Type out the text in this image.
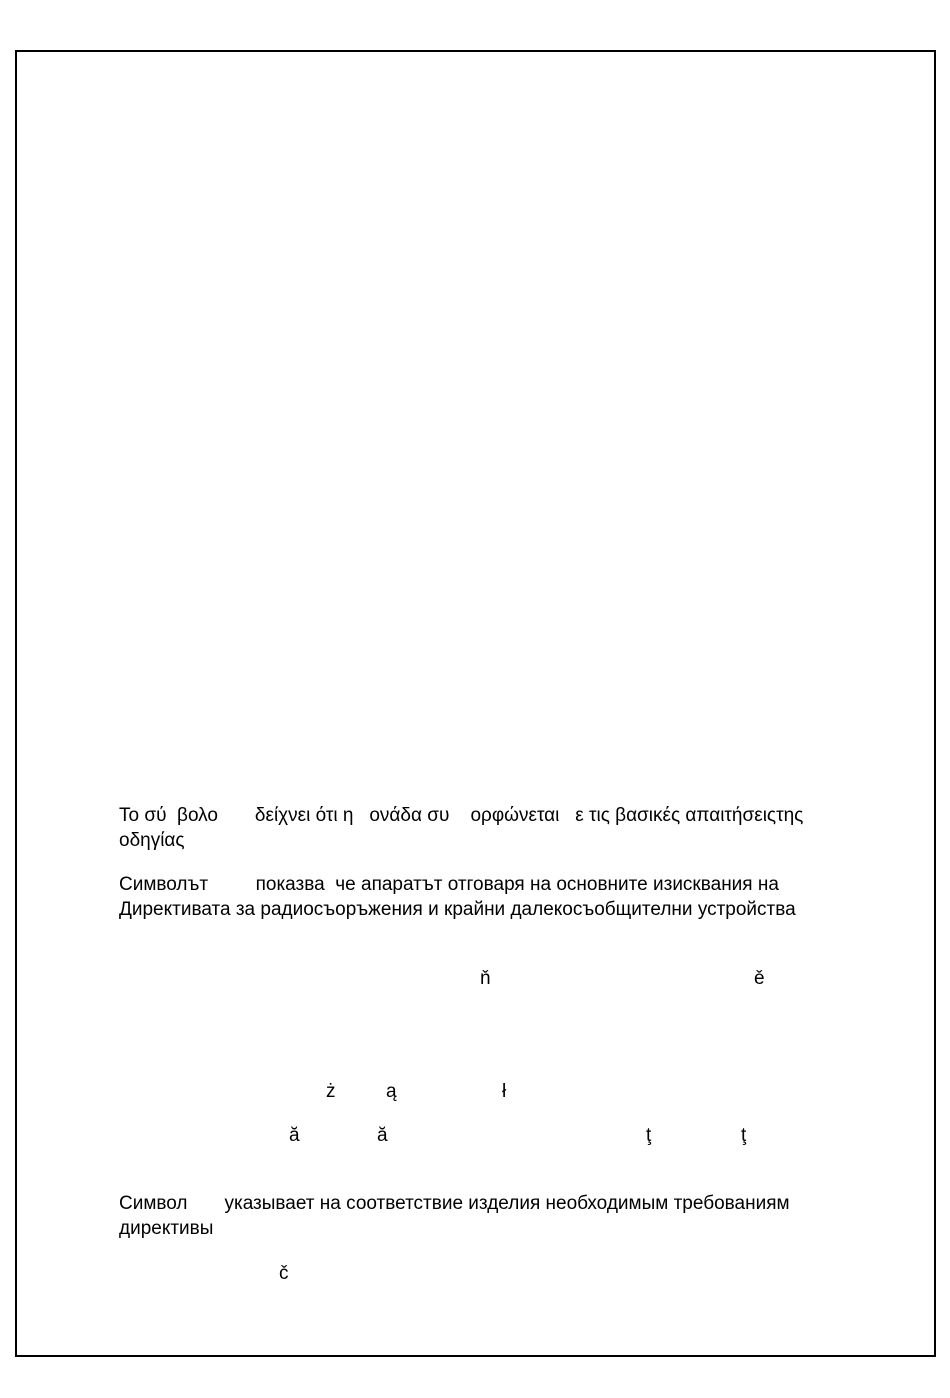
Το σύ  βολο       δείχνει ότι η   ονάδα συ    ορφώνεται   ε τις βασικές απαιτήσειςτης

οδηγίας

Символът         показва  че апаратът отговаря на основните изисквания на

Директивата за радиосъоръжения и крайни далекосъобщителни устройства

ň	ě
ż	ą	ł
ă	ă	ţ	ţ

Символ       указывает на соответствие изделия необходимым требованиям

директивы

č
